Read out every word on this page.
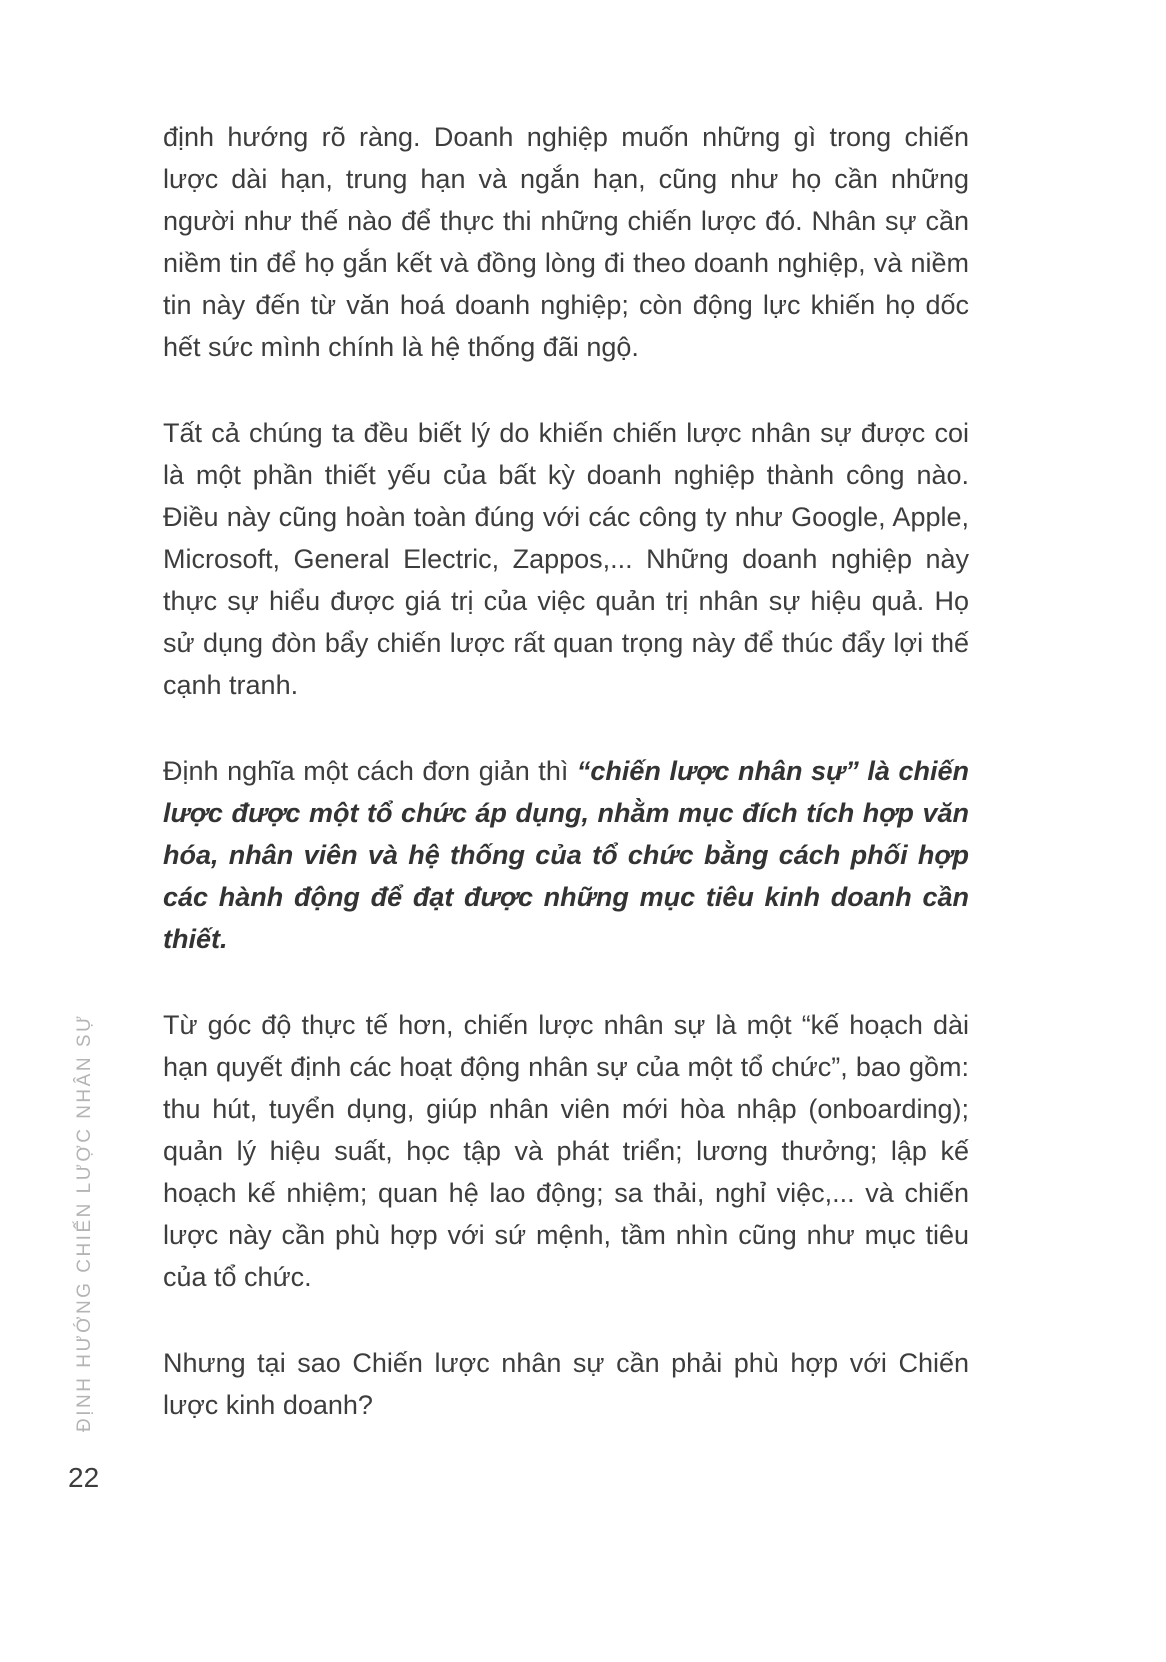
ĐỊNH HƯỚNG CHIẾN LƯỢC NHÂN SỰ

định hướng rõ ràng. Doanh nghiệp muốn những gì trong chiến lược dài hạn, trung hạn và ngắn hạn, cũng như họ cần những người như thế nào để thực thi những chiến lược đó. Nhân sự cần niềm tin để họ gắn kết và đồng lòng đi theo doanh nghiệp, và niềm tin này đến từ văn hoá doanh nghiệp; còn động lực khiến họ dốc hết sức mình chính là hệ thống đãi ngộ.

Tất cả chúng ta đều biết lý do khiến chiến lược nhân sự được coi là một phần thiết yếu của bất kỳ doanh nghiệp thành công nào. Điều này cũng hoàn toàn đúng với các công ty như Google, Apple, Microsoft, General Electric, Zappos,... Những doanh nghiệp này thực sự hiểu được giá trị của việc quản trị nhân sự hiệu quả. Họ sử dụng đòn bẩy chiến lược rất quan trọng này để thúc đẩy lợi thế cạnh tranh.

Định nghĩa một cách đơn giản thì “chiến lược nhân sự” là chiến lược được một tổ chức áp dụng, nhằm mục đích tích hợp văn hóa, nhân viên và hệ thống của tổ chức bằng cách phối hợp các hành động để đạt được những mục tiêu kinh doanh cần thiết.

Từ góc độ thực tế hơn, chiến lược nhân sự là một “kế hoạch dài hạn quyết định các hoạt động nhân sự của một tổ chức”, bao gồm: thu hút, tuyển dụng, giúp nhân viên mới hòa nhập (onboarding); quản lý hiệu suất, học tập và phát triển; lương thưởng; lập kế hoạch kế nhiệm; quan hệ lao động; sa thải, nghỉ việc,... và chiến lược này cần phù hợp với sứ mệnh, tầm nhìn cũng như mục tiêu của tổ chức.

Nhưng tại sao Chiến lược nhân sự cần phải phù hợp với Chiến lược kinh doanh?

22
